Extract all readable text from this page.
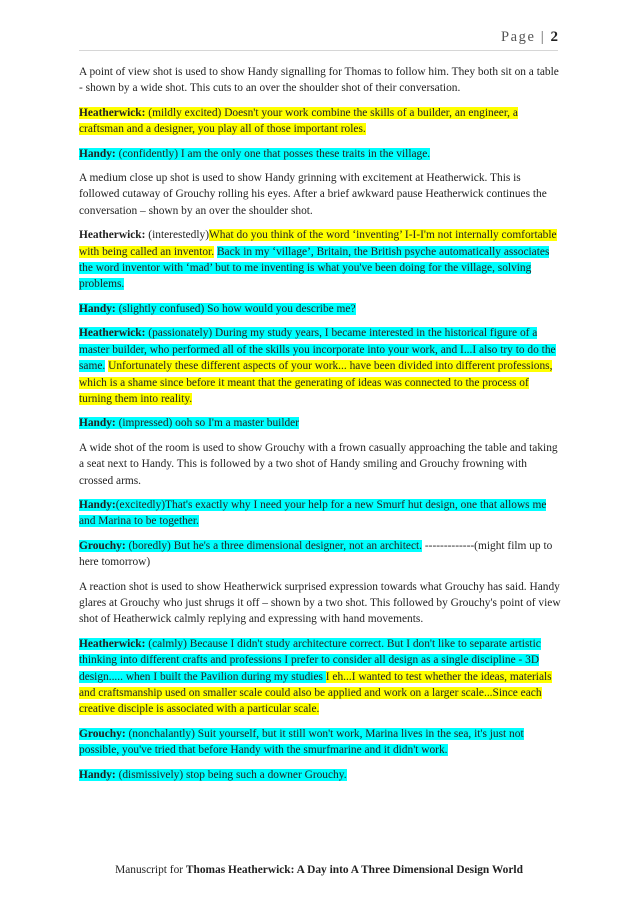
Page | 2

A point of view shot is used to show Handy signalling for Thomas to follow him. They both sit on a table - shown by a wide shot. This cuts to an over the shoulder shot of their conversation.

Heatherwick: (mildly excited) Doesn't your work combine the skills of a builder, an engineer, a craftsman and a designer, you play all of those important roles.

Handy: (confidently) I am the only one that posses these traits in the village.

A medium close up shot is used to show Handy grinning with excitement at Heatherwick. This is followed cutaway of Grouchy rolling his eyes. After a brief awkward pause Heatherwick continues the conversation – shown by an over the shoulder shot.

Heatherwick: (interestedly)What do you think of the word ‘inventing’ I-I-I'm not internally comfortable with being called an inventor. Back in my ‘village’, Britain, the British psyche automatically associates the word inventor with ‘mad’ but to me inventing is what you've been doing for the village, solving problems.

Handy: (slightly confused) So how would you describe me?

Heatherwick: (passionately) During my study years, I became interested in the historical figure of a master builder, who performed all of the skills you incorporate into your work, and I...I also try to do the same. Unfortunately these different aspects of your work... have been divided into different professions, which is a shame since before it meant that the generating of ideas was connected to the process of turning them into reality.

Handy: (impressed) ooh so I'm a master builder

A wide shot of the room is used to show Grouchy with a frown casually approaching the table and taking a seat next to Handy. This is followed by a two shot of Handy smiling and Grouchy frowning with crossed arms.

Handy:(excitedly)That's exactly why I need your help for a new Smurf hut design, one that allows me and Marina to be together.

Grouchy: (boredly) But he's a three dimensional designer, not an architect. -------------(might film up to here tomorrow)

A reaction shot is used to show Heatherwick surprised expression towards what Grouchy has said. Handy glares at Grouchy who just shrugs it off – shown by a two shot. This followed by Grouchy's point of view shot of Heatherwick calmly replying and expressing with hand movements.

Heatherwick: (calmly) Because I didn't study architecture correct. But I don't like to separate artistic thinking into different crafts and professions I prefer to consider all design as a single discipline - 3D design..... when I built the Pavilion during my studies I eh...I wanted to test whether the ideas, materials and craftsmanship used on smaller scale could also be applied and work on a larger scale...Since each creative disciple is associated with a particular scale.

Grouchy: (nonchalantly) Suit yourself, but it still won't work, Marina lives in the sea, it's just not possible, you've tried that before Handy with the smurfmarine and it didn't work.

Handy: (dismissively) stop being such a downer Grouchy.

Manuscript for Thomas Heatherwick: A Day into A Three Dimensional Design World
